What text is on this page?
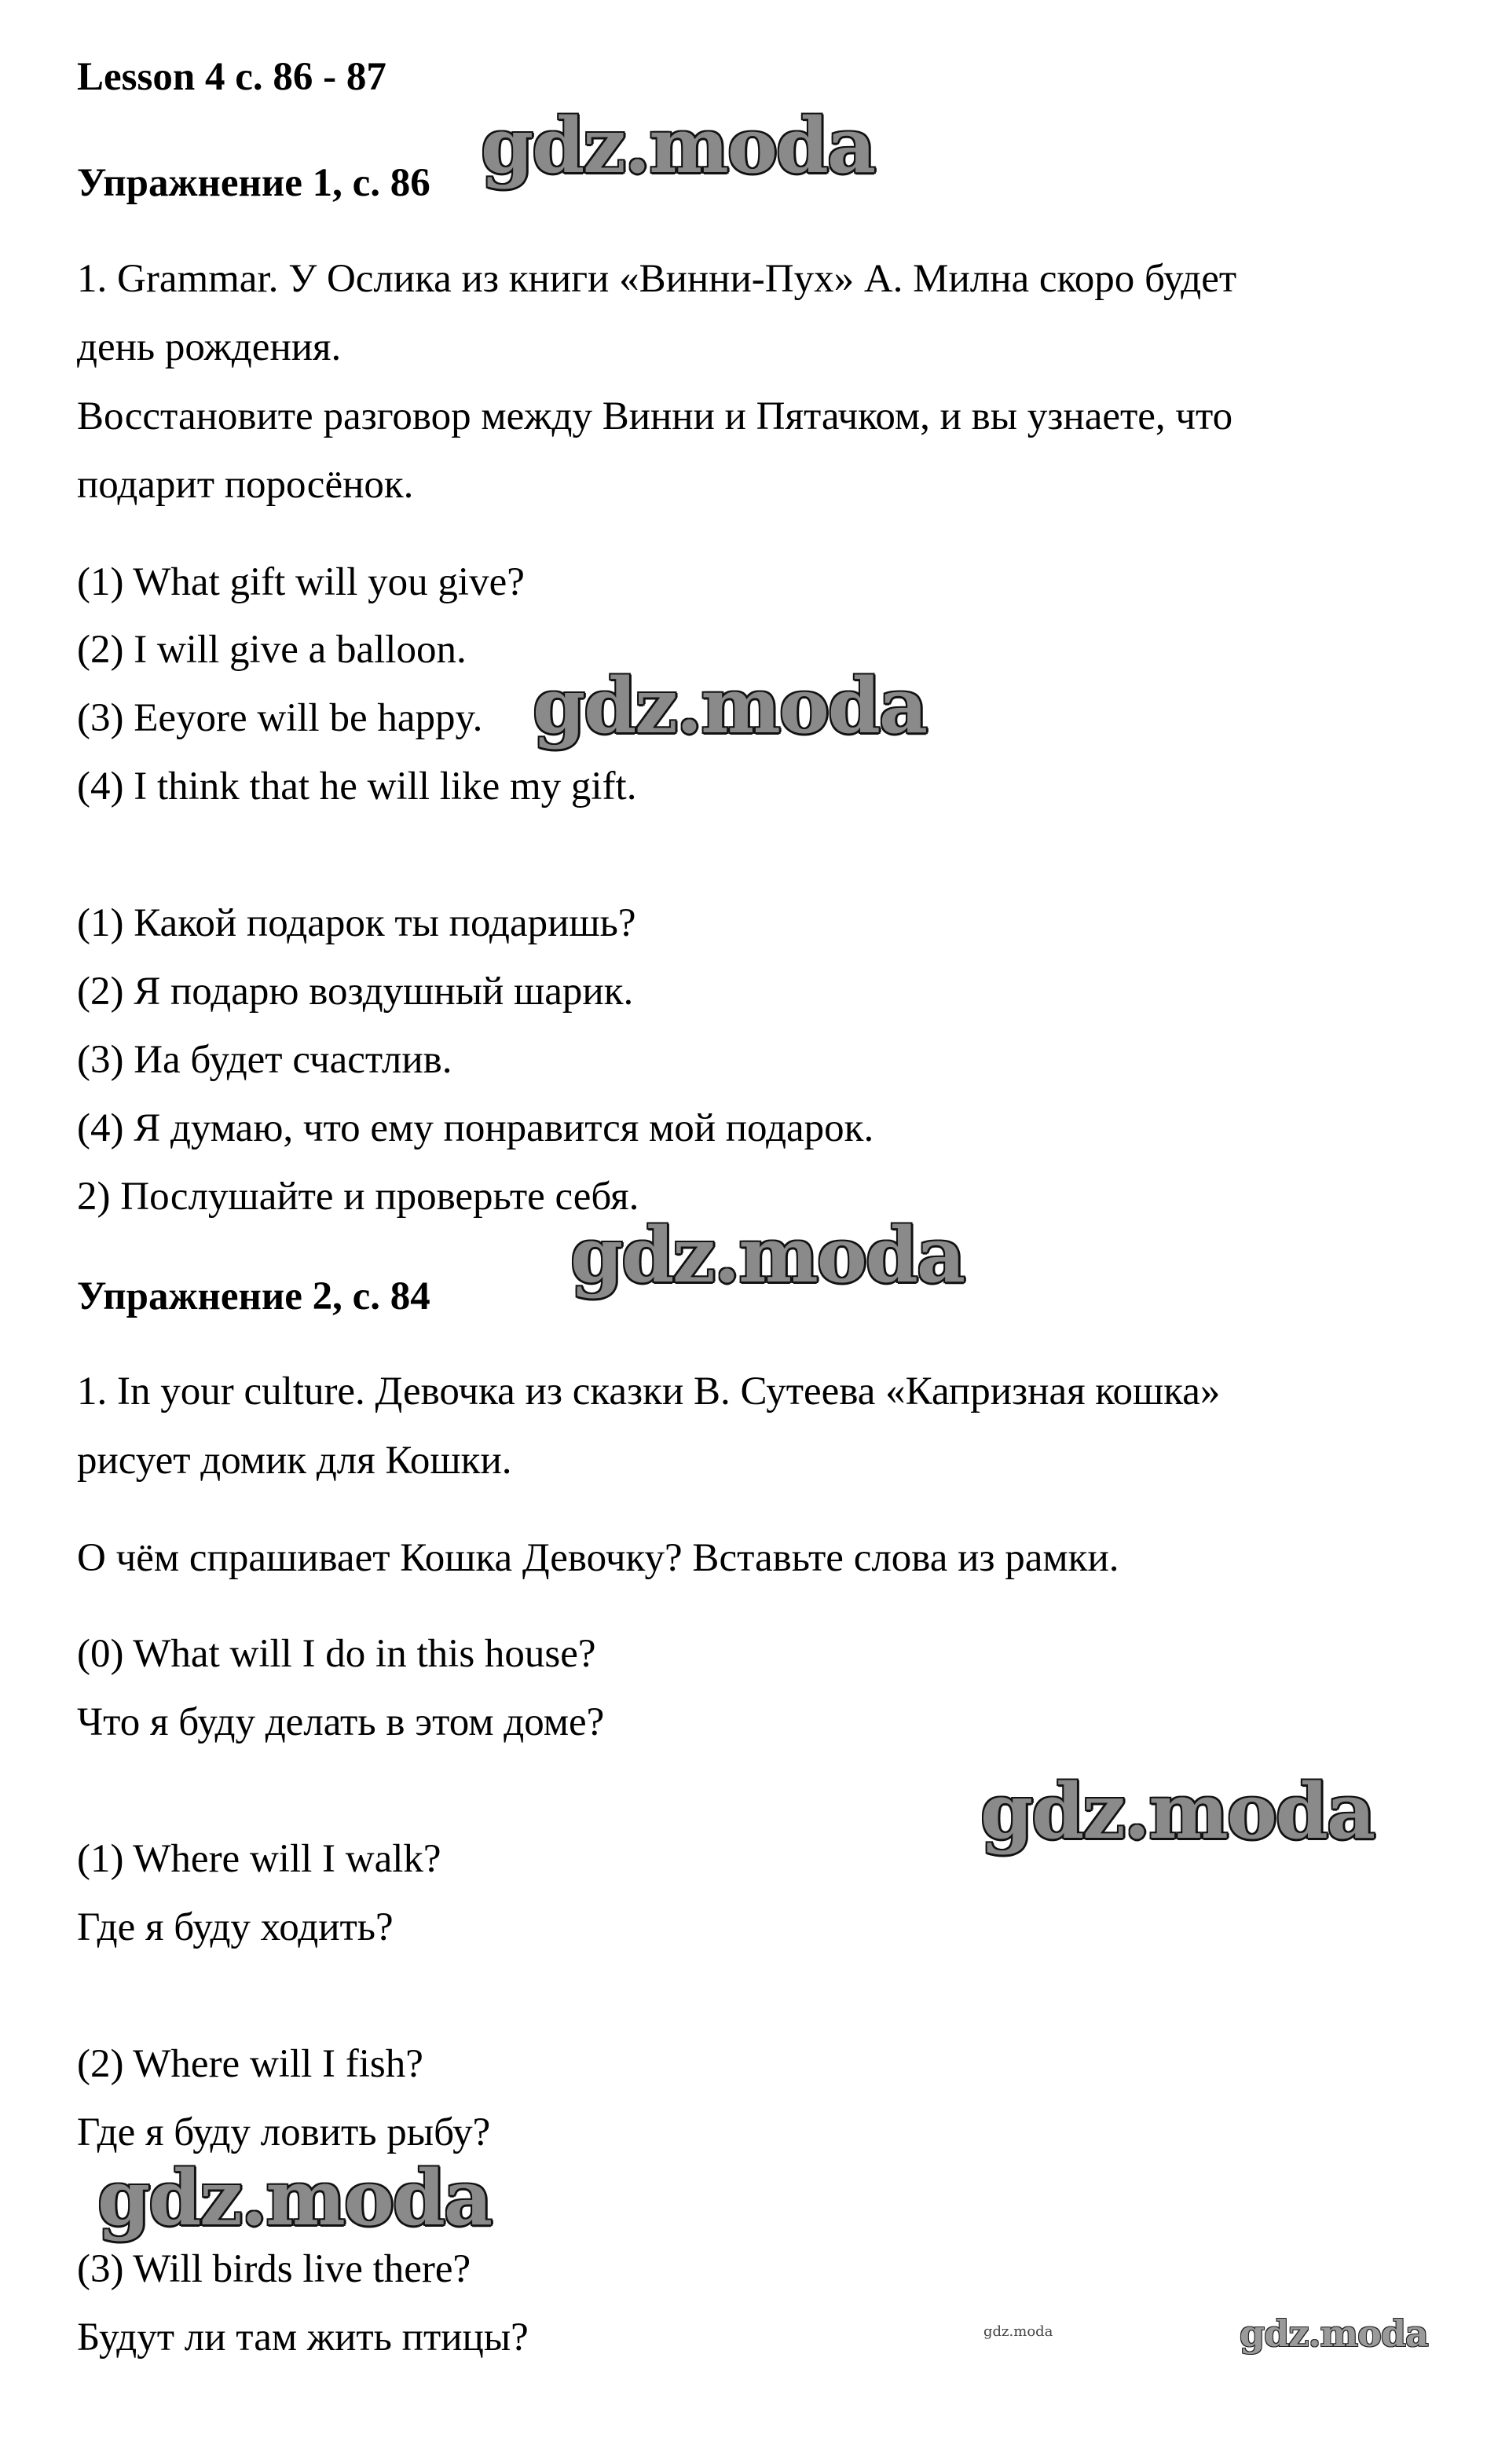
Lesson 4 с. 86 - 87
Упражнение 1, с. 86
1. Grammar. У Ослика из книги «Винни-Пух» А. Милна скоро будет
день рождения.
Восстановите разговор между Винни и Пятачком, и вы узнаете, что
подарит поросёнок.
(1) What gift will you give?
(2) I will give a balloon.
(3) Eeyore will be happy.
(4) I think that he will like my gift.
(1) Какой подарок ты подаришь?
(2) Я подарю воздушный шарик.
(3) Иа будет счастлив.
(4) Я думаю, что ему понравится мой подарок.
2) Послушайте и проверьте себя.
Упражнение 2, с. 84
1. In your culture. Девочка из сказки В. Сутеева «Капризная кошка»
рисует домик для Кошки.
О чём спрашивает Кошка Девочку? Вставьте слова из рамки.
(0) What will I do in this house?
Что я буду делать в этом доме?
(1) Where will I walk?
Где я буду ходить?
(2) Where will I fish?
Где я буду ловить рыбу?
(3) Will birds live there?
Будут ли там жить птицы?
gdz.moda
gdz.moda
gdz.moda
gdz.moda
gdz.moda
gdz.moda	gdz.moda
